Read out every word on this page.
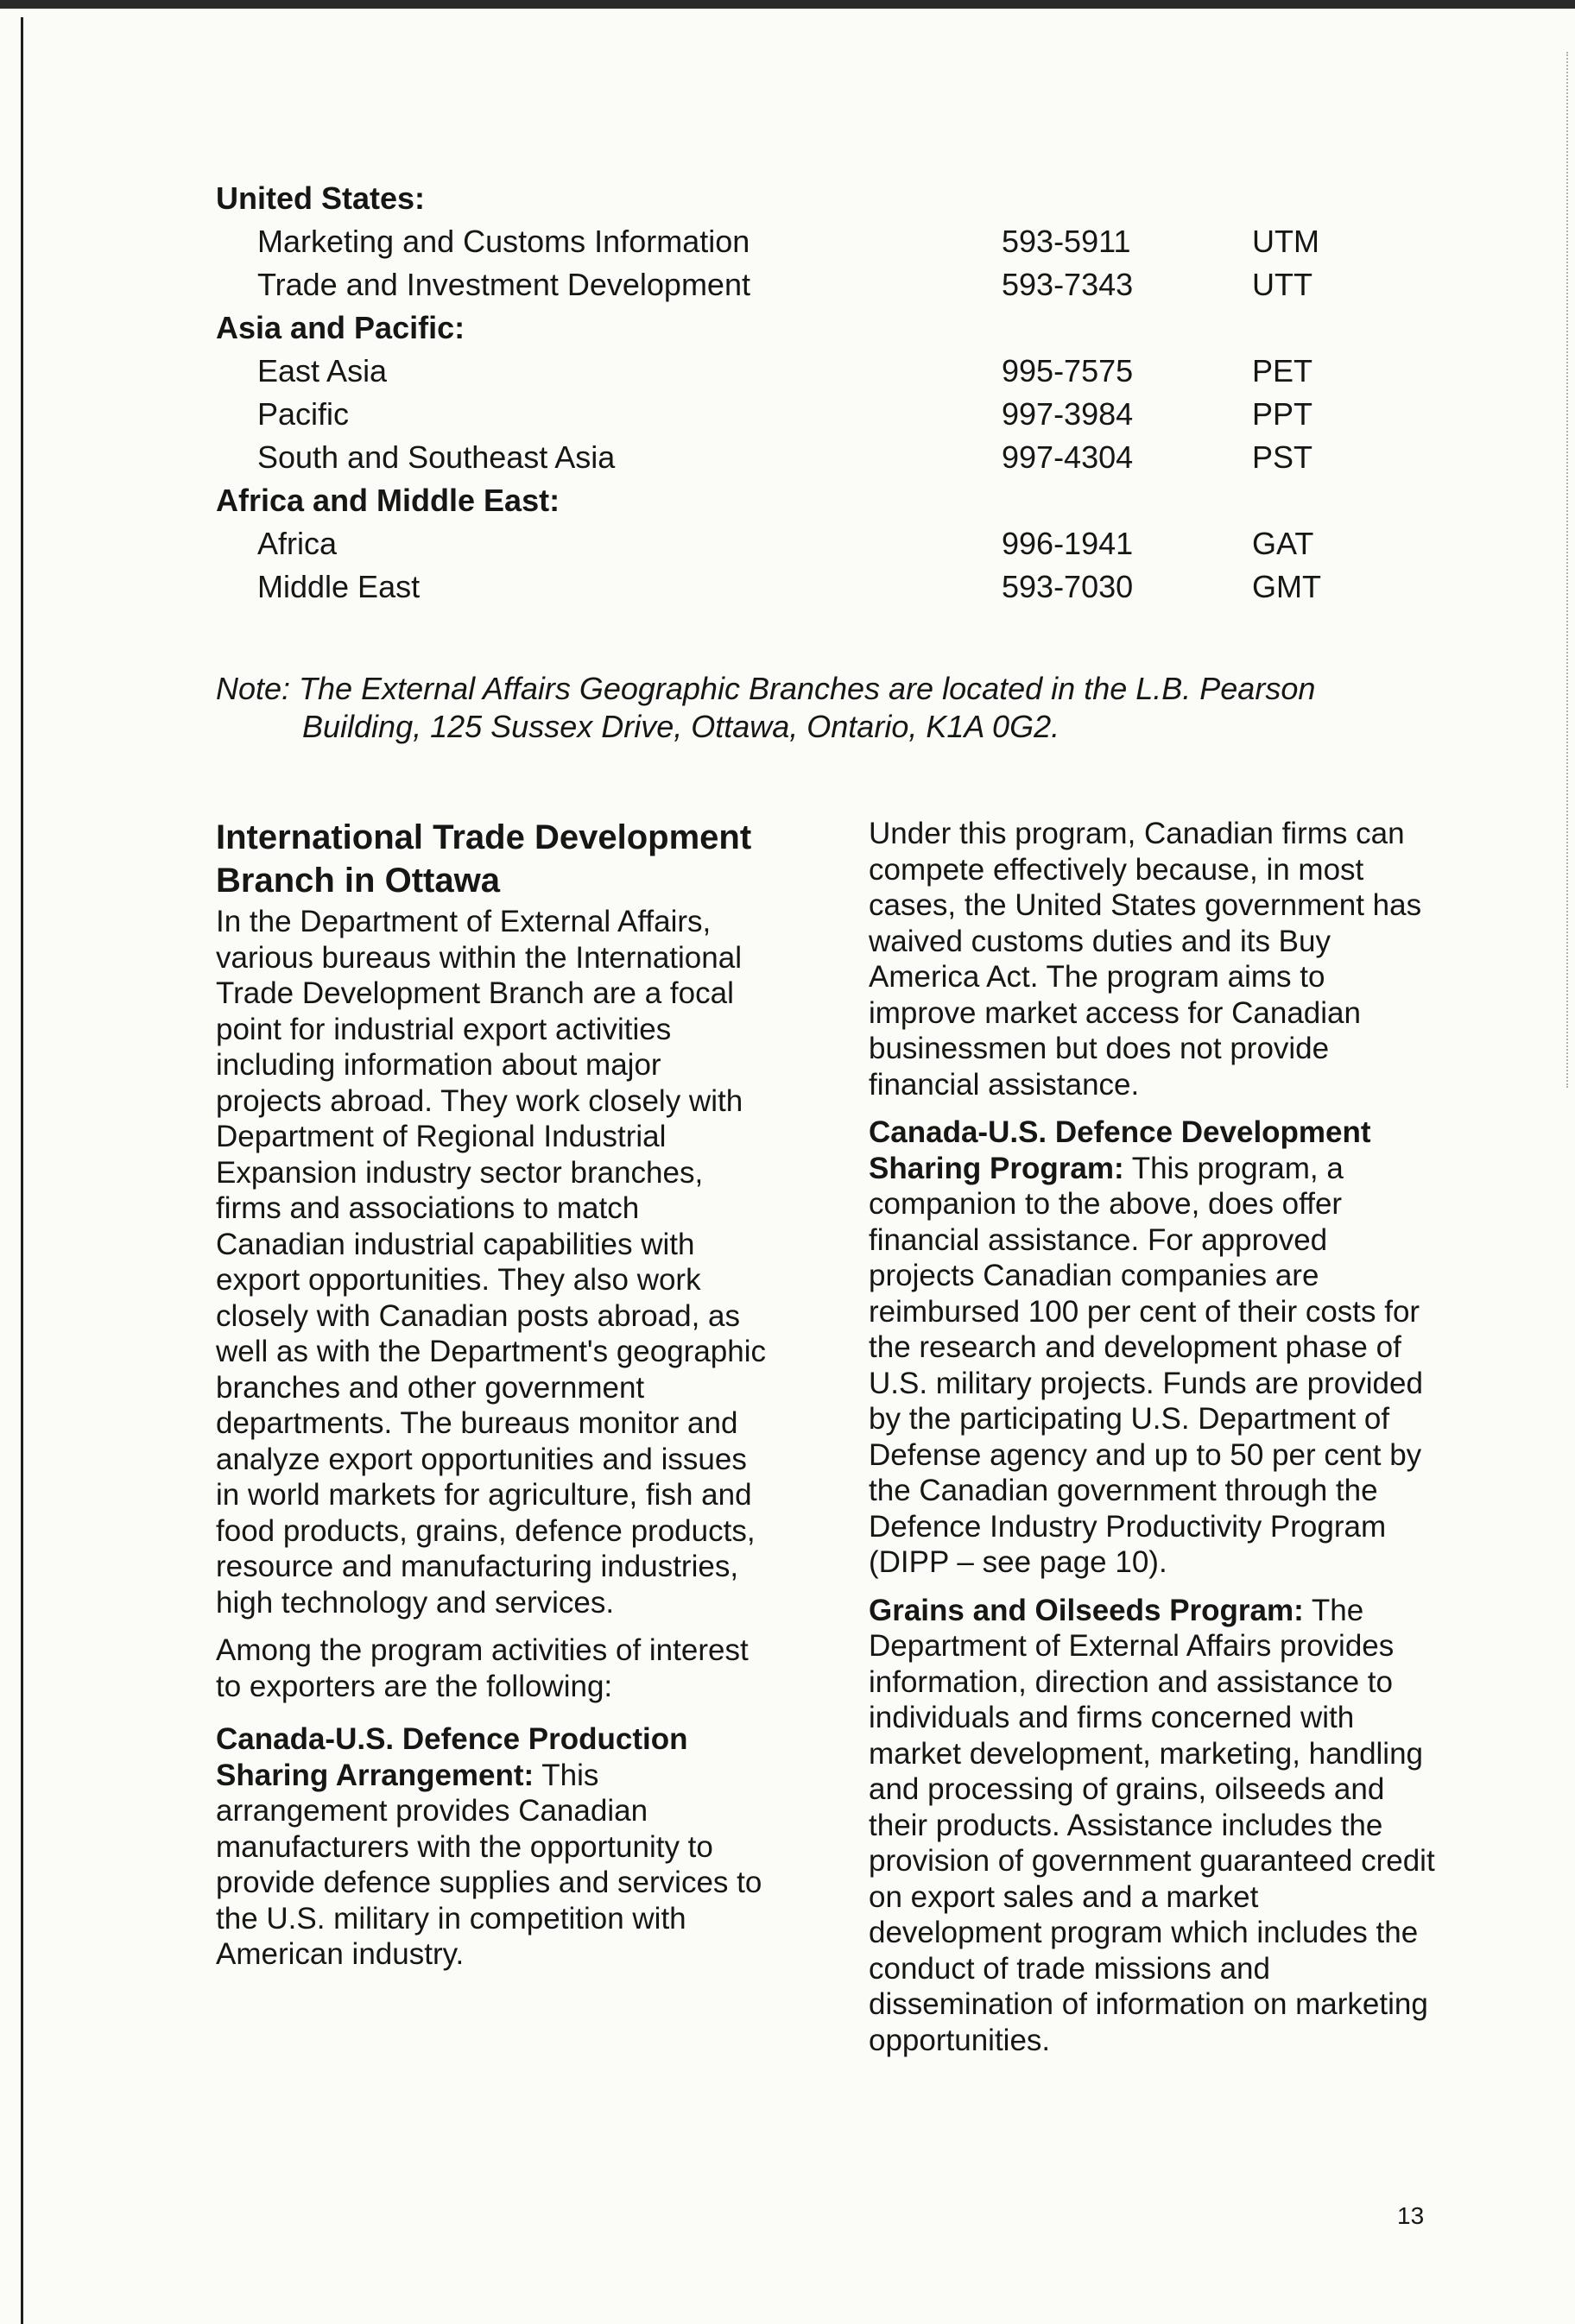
United States:
Marketing and Customs Information	593-5911	UTM
Trade and Investment Development	593-7343	UTT
Asia and Pacific:
East Asia	995-7575	PET
Pacific	997-3984	PPT
South and Southeast Asia	997-4304	PST
Africa and Middle East:
Africa	996-1941	GAT
Middle East	593-7030	GMT
Note: The External Affairs Geographic Branches are located in the L.B. Pearson
Building, 125 Sussex Drive, Ottawa, Ontario, K1A 0G2.
International Trade Development Branch in Ottawa

In the Department of External Affairs, various bureaus within the International Trade Development Branch are a focal point for industrial export activities including information about major projects abroad. They work closely with Department of Regional Industrial Expansion industry sector branches, firms and associations to match Canadian industrial capabilities with export opportunities. They also work closely with Canadian posts abroad, as well as with the Department's geographic branches and other government departments. The bureaus monitor and analyze export opportunities and issues in world markets for agriculture, fish and food products, grains, defence products, resource and manufacturing industries, high technology and services.

Among the program activities of interest to exporters are the following:

Canada-U.S. Defence Production Sharing Arrangement: This arrangement provides Canadian manufacturers with the opportunity to provide defence supplies and services to the U.S. military in competition with American industry.

Under this program, Canadian firms can compete effectively because, in most cases, the United States government has waived customs duties and its Buy America Act. The program aims to improve market access for Canadian businessmen but does not provide financial assistance.

Canada-U.S. Defence Development Sharing Program: This program, a companion to the above, does offer financial assistance. For approved projects Canadian companies are reimbursed 100 per cent of their costs for the research and development phase of U.S. military projects. Funds are provided by the participating U.S. Department of Defense agency and up to 50 per cent by the Canadian government through the Defence Industry Productivity Program (DIPP – see page 10).

Grains and Oilseeds Program: The Department of External Affairs provides information, direction and assistance to individuals and firms concerned with market development, marketing, handling and processing of grains, oilseeds and their products. Assistance includes the provision of government guaranteed credit on export sales and a market development program which includes the conduct of trade missions and dissemination of information on marketing opportunities.

13
